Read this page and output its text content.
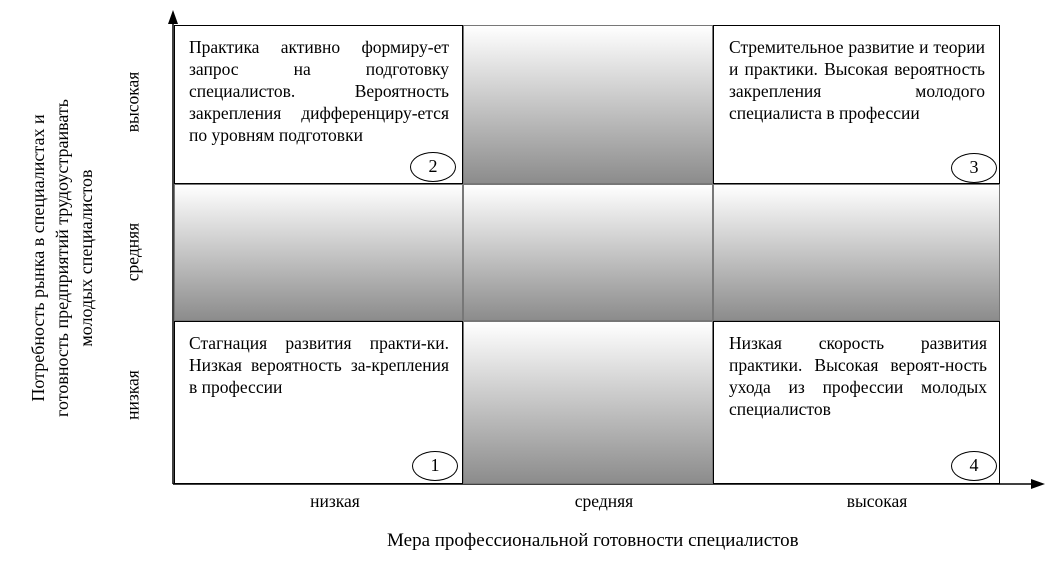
Практика активно формиру-ет запрос на подготовку специалистов. Вероятность закрепления дифференциру-ется по уровням подготовки
2
Стремительное развитие и теории и практики. Высокая вероятность закрепления молодого специалиста в профессии
3
Стагнация развития практи-ки. Низкая вероятность за-крепления в профессии
1
Низкая скорость развития практики. Высокая вероят-ность ухода из профессии молодых специалистов
4
высокая
средняя
низкая
Потребность рынка в специалистах и готовность предприятий трудоустраивать молодых специалистов
низкая	средняя	высокая
Мера профессиональной готовности специалистов
